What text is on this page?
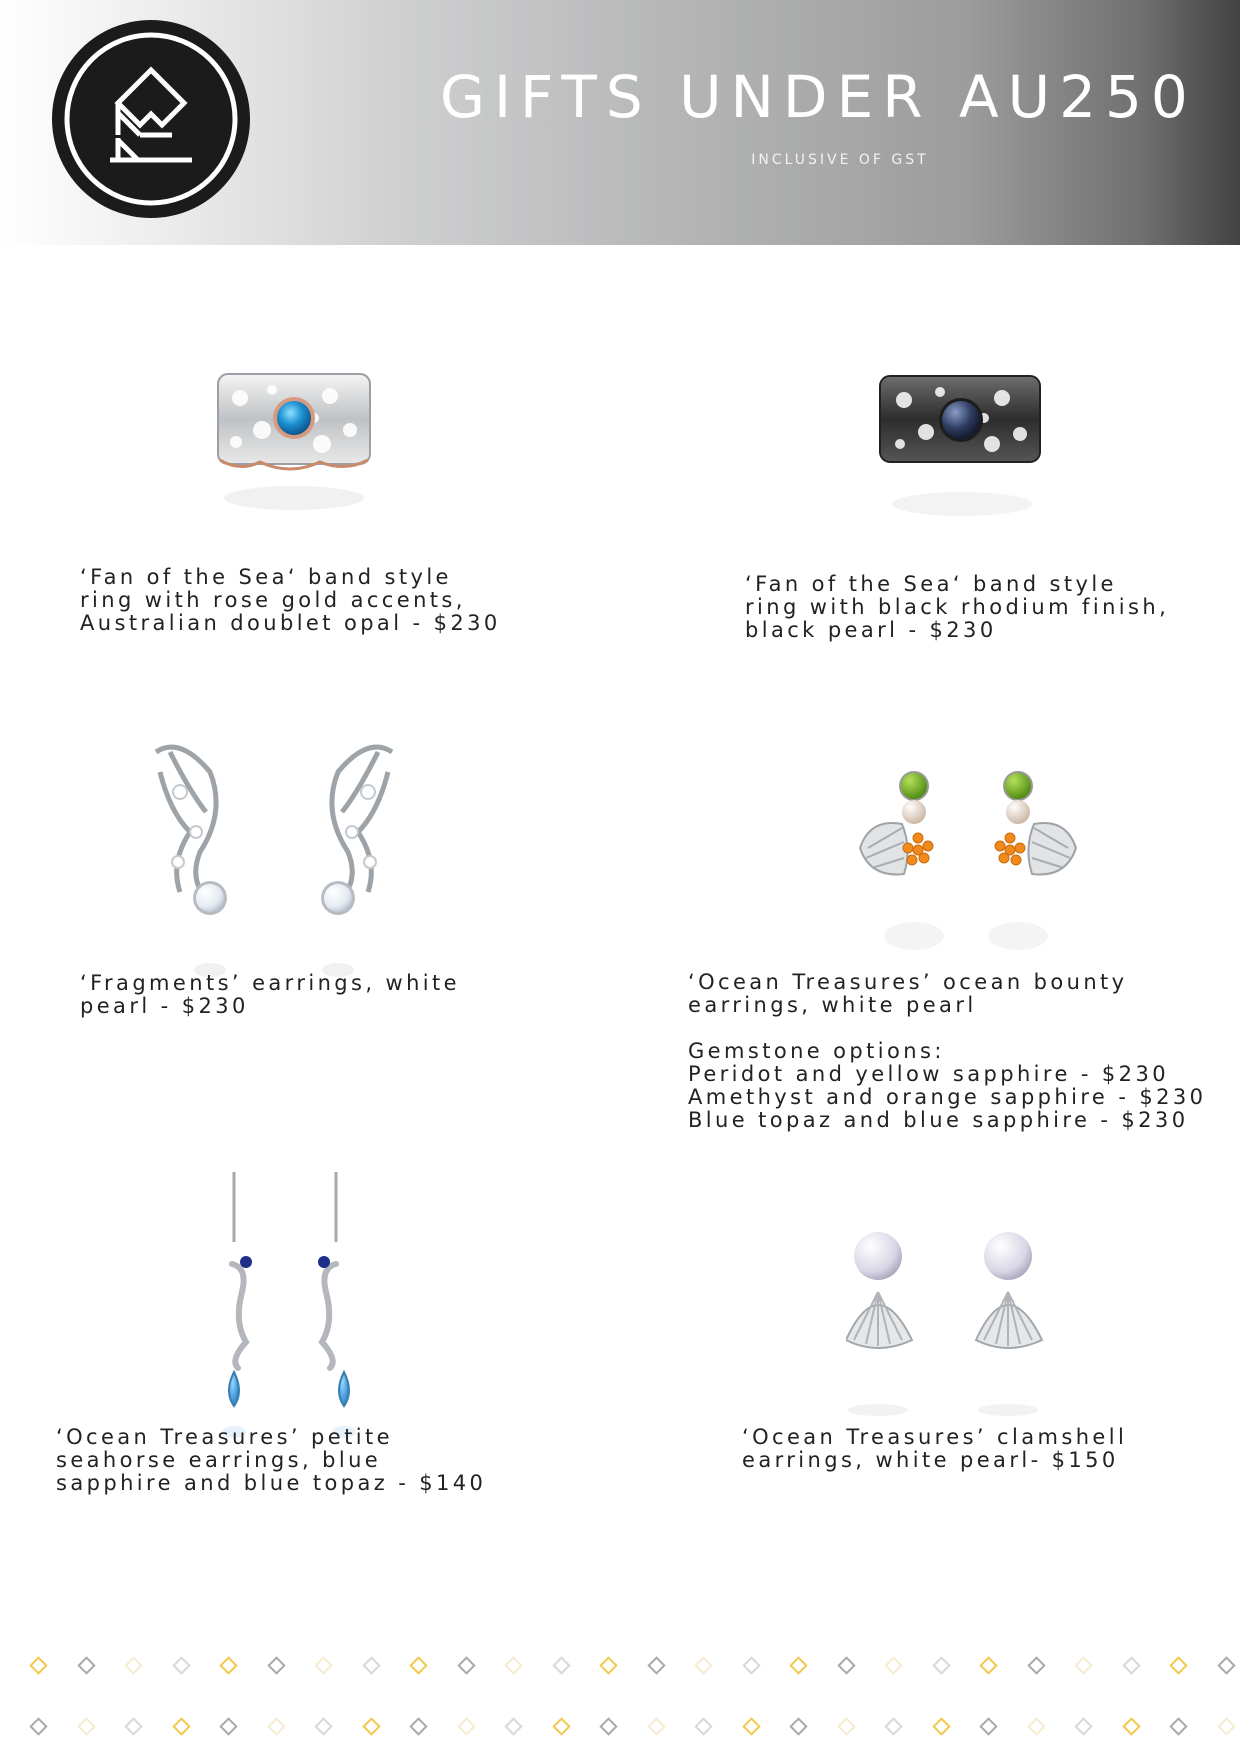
GIFTS UNDER AU250

INCLUSIVE OF GST

‘Fan of the Sea‘ band style
ring with rose gold accents,
Australian doublet opal - $230

‘Fan of the Sea‘ band style
ring with black rhodium finish,
black pearl - $230

‘Fragments’ earrings, white
pearl - $230

‘Ocean Treasures’ ocean bounty
earrings, white pearl

Gemstone options:

Peridot and yellow sapphire - $230

Amethyst and orange sapphire - $230

Blue topaz and blue sapphire - $230

‘Ocean Treasures’ petite
seahorse earrings, blue
sapphire and blue topaz - $140

‘Ocean Treasures’ clamshell
earrings, white pearl- $150
